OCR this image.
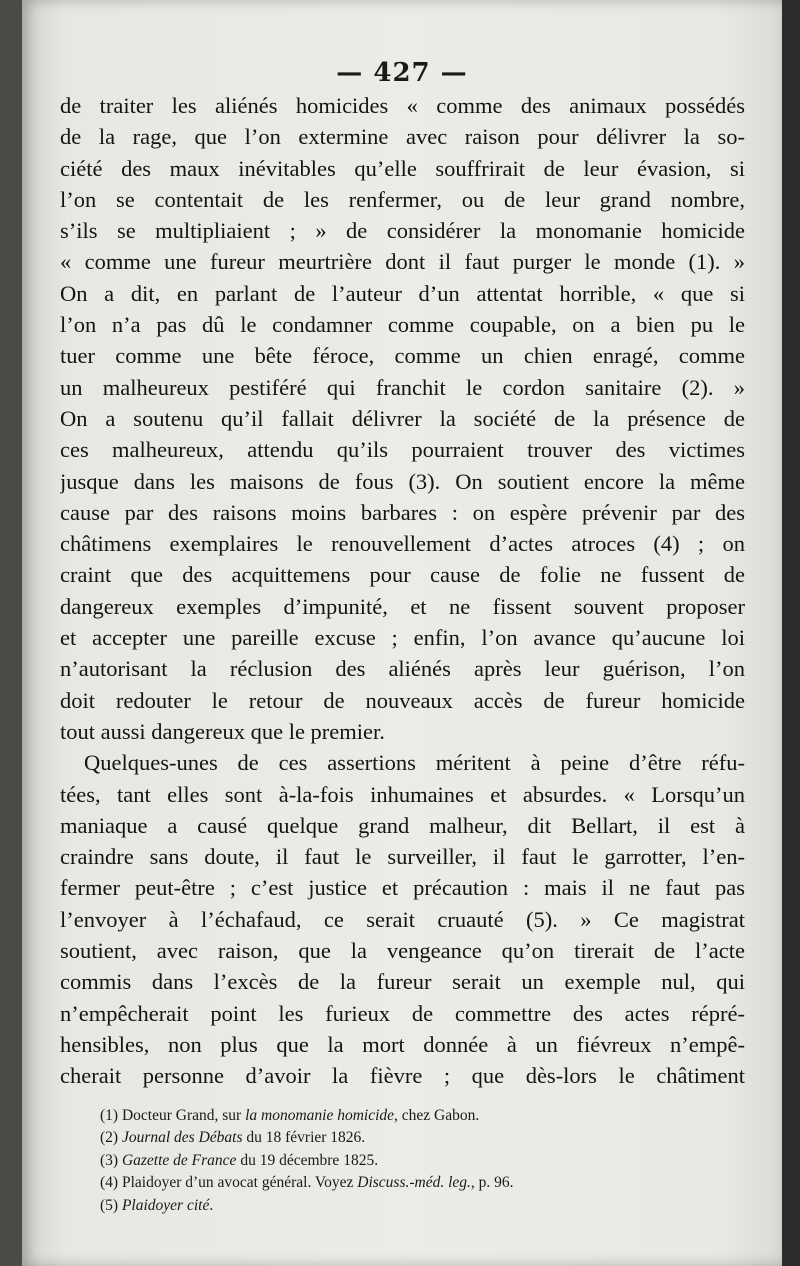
— 427 —
de traiter les aliénés homicides « comme des animaux possédés
de la rage, que l’on extermine avec raison pour délivrer la so-
ciété des maux inévitables qu’elle souffrirait de leur évasion, si
l’on se contentait de les renfermer, ou de leur grand nombre,
s’ils se multipliaient ; » de considérer la monomanie homicide
« comme une fureur meurtrière dont il faut purger le monde (1). »
On a dit, en parlant de l’auteur d’un attentat horrible, « que si
l’on n’a pas dû le condamner comme coupable, on a bien pu le
tuer comme une bête féroce, comme un chien enragé, comme
un malheureux pestiféré qui franchit le cordon sanitaire (2). »
On a soutenu qu’il fallait délivrer la société de la présence de
ces malheureux, attendu qu’ils pourraient trouver des victimes
jusque dans les maisons de fous (3). On soutient encore la même
cause par des raisons moins barbares : on espère prévenir par des
châtimens exemplaires le renouvellement d’actes atroces (4) ; on
craint que des acquittemens pour cause de folie ne fussent de
dangereux exemples d’impunité, et ne fissent souvent proposer
et accepter une pareille excuse ; enfin, l’on avance qu’aucune loi
n’autorisant la réclusion des aliénés après leur guérison, l’on
doit redouter le retour de nouveaux accès de fureur homicide
tout aussi dangereux que le premier.
Quelques-unes de ces assertions méritent à peine d’être réfu-
tées, tant elles sont à-la-fois inhumaines et absurdes. « Lorsqu’un
maniaque a causé quelque grand malheur, dit Bellart, il est à
craindre sans doute, il faut le surveiller, il faut le garrotter, l’en-
fermer peut-être ; c’est justice et précaution : mais il ne faut pas
l’envoyer à l’échafaud, ce serait cruauté (5). » Ce magistrat
soutient, avec raison, que la vengeance qu’on tirerait de l’acte
commis dans l’excès de la fureur serait un exemple nul, qui
n’empêcherait point les furieux de commettre des actes répré-
hensibles, non plus que la mort donnée à un fiévreux n’empê-
cherait personne d’avoir la fièvre ; que dès-lors le châtiment
(1) Docteur Grand, sur la monomanie homicide, chez Gabon.
(2) Journal des Débats du 18 février 1826.
(3) Gazette de France du 19 décembre 1825.
(4) Plaidoyer d’un avocat général. Voyez Discuss.-méd. leg., p. 96.
(5) Plaidoyer cité.
